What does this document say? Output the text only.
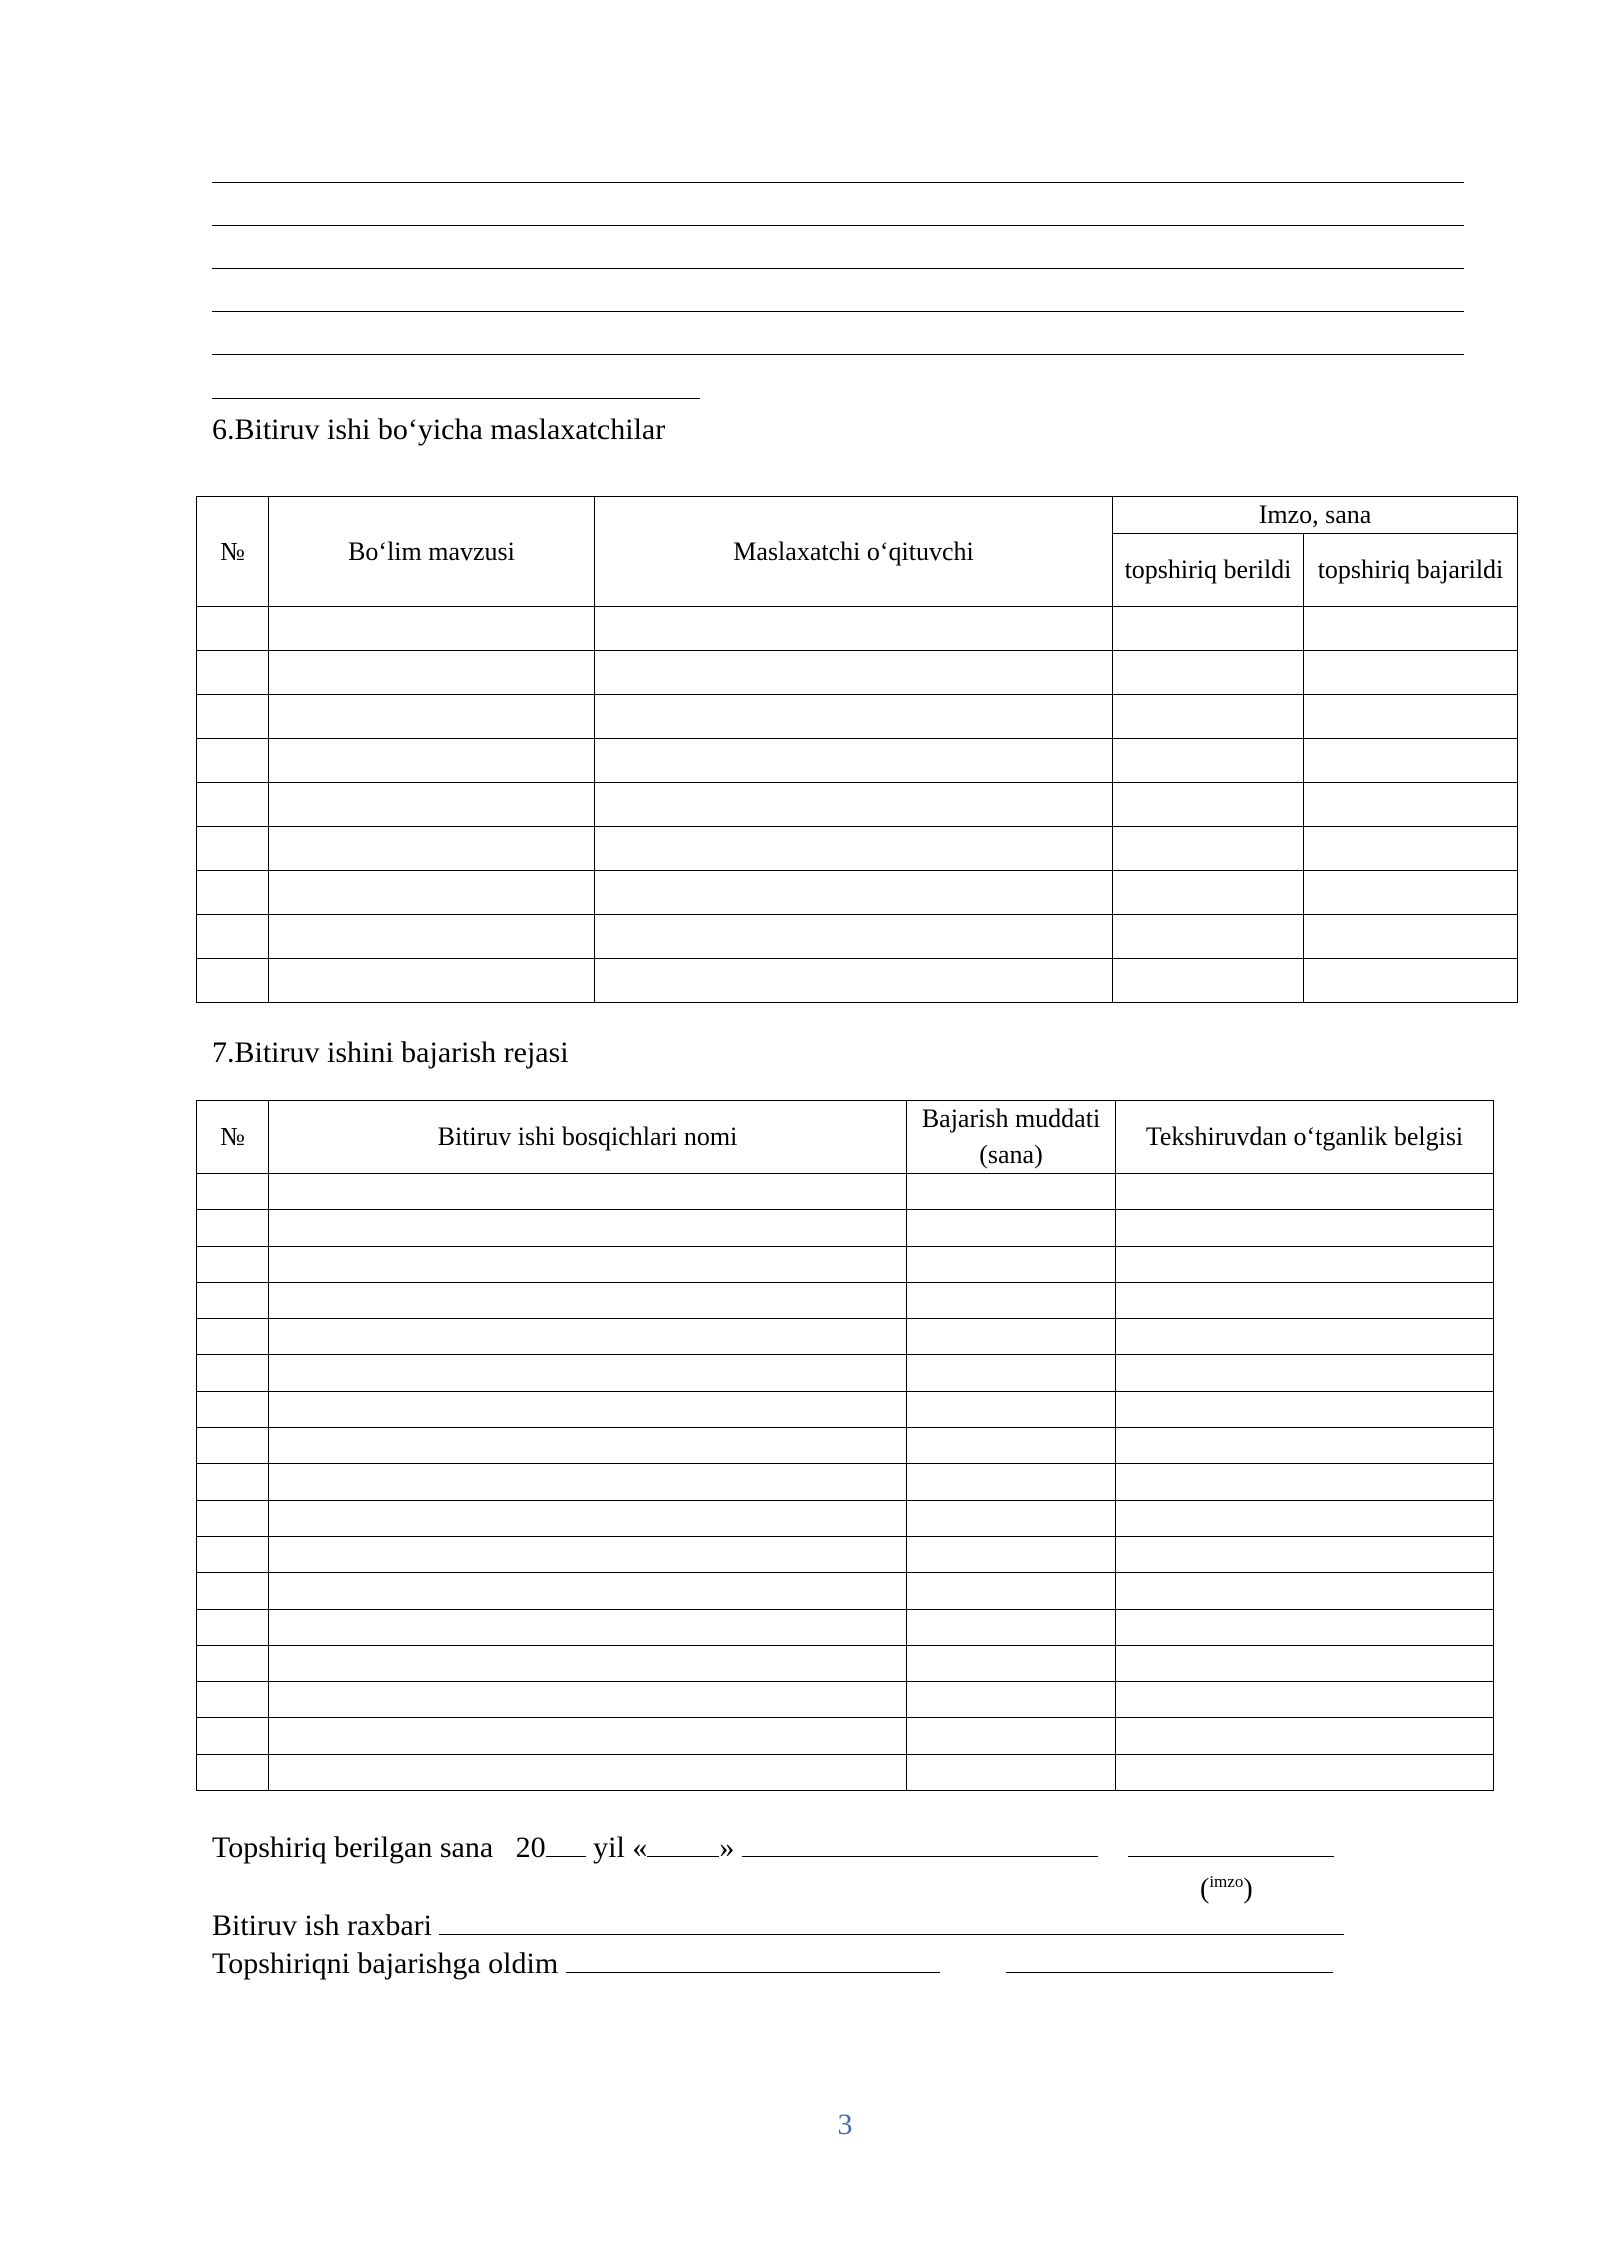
6.Bitiruv ishi bo‘yicha maslaxatchilar
№	Bo‘lim mavzusi	Maslaxatchi o‘qituvchi	Imzo, sana	
			topshiriq berildi	topshiriq bajarildi

7.Bitiruv ishini bajarish rejasi
№	Bitiruv ishi bosqichlari nomi	Bajarish muddati (sana)	Tekshiruvdan o‘tganlik belgisi

Topshiriq berilgan sana 20 yil « »
($^{imzo}$)
Bitiruv ish raxbari
Topshiriqni bajarishga oldim
3
